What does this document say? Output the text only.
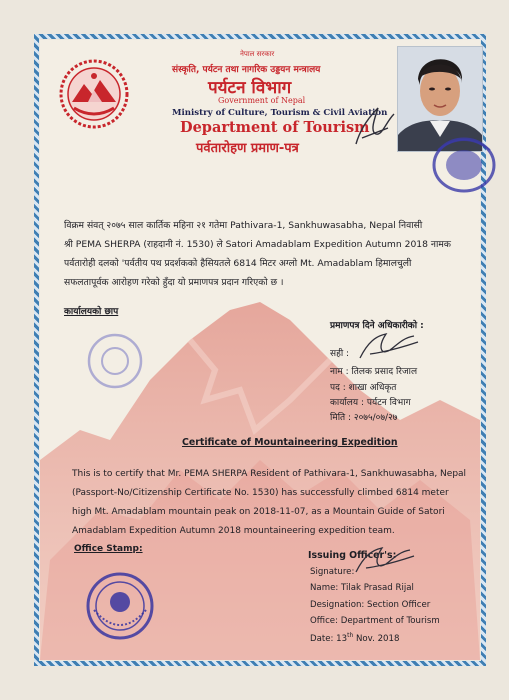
नेपाल सरकार
संस्कृति, पर्यटन तथा नागरिक उड्डयन मन्त्रालय
पर्यटन विभाग
Government of Nepal
Ministry of Culture, Tourism & Civil Aviation
Department of Tourism
पर्वतारोहण प्रमाण-पत्र
विक्रम संवत् २०७५ साल कार्तिक महिना २१ गतेमा Pathivara-1, Sankhuwasabha, Nepal निवासी
श्री PEMA SHERPA (राहदानी नं. 1530) ले Satori Amadablam Expedition Autumn 2018 नामक
पर्वतारोही दलको 'पर्वतीय पथ प्रदर्शकको हैसियतले 6814 मिटर अग्लो Mt. Amadablam हिमालचुली
सफलतापूर्वक आरोहण गरेको हुँदा यो प्रमाणपत्र प्रदान गरिएको छ ।
कार्यालयको छाप
प्रमाणपत्र दिने अधिकारीको :
सही :
नाम : तिलक प्रसाद रिजाल
पद : शाखा अधिकृत
कार्यालय : पर्यटन विभाग
मिति : २०७५/०७/२७
Certificate of Mountaineering Expedition
This is to certify that Mr. PEMA SHERPA Resident of Pathivara-1, Sankhuwasabha, Nepal
(Passport-No/Citizenship Certificate No. 1530) has successfully climbed 6814 meter
high Mt. Amadablam mountain peak on 2018-11-07, as a Mountain Guide of Satori
Amadablam Expedition Autumn 2018 mountaineering expedition team.
Office Stamp:
Issuing Officer's:
Signature:
Name: Tilak Prasad Rijal
Designation: Section Officer
Office: Department of Tourism
Date: 13th Nov. 2018
